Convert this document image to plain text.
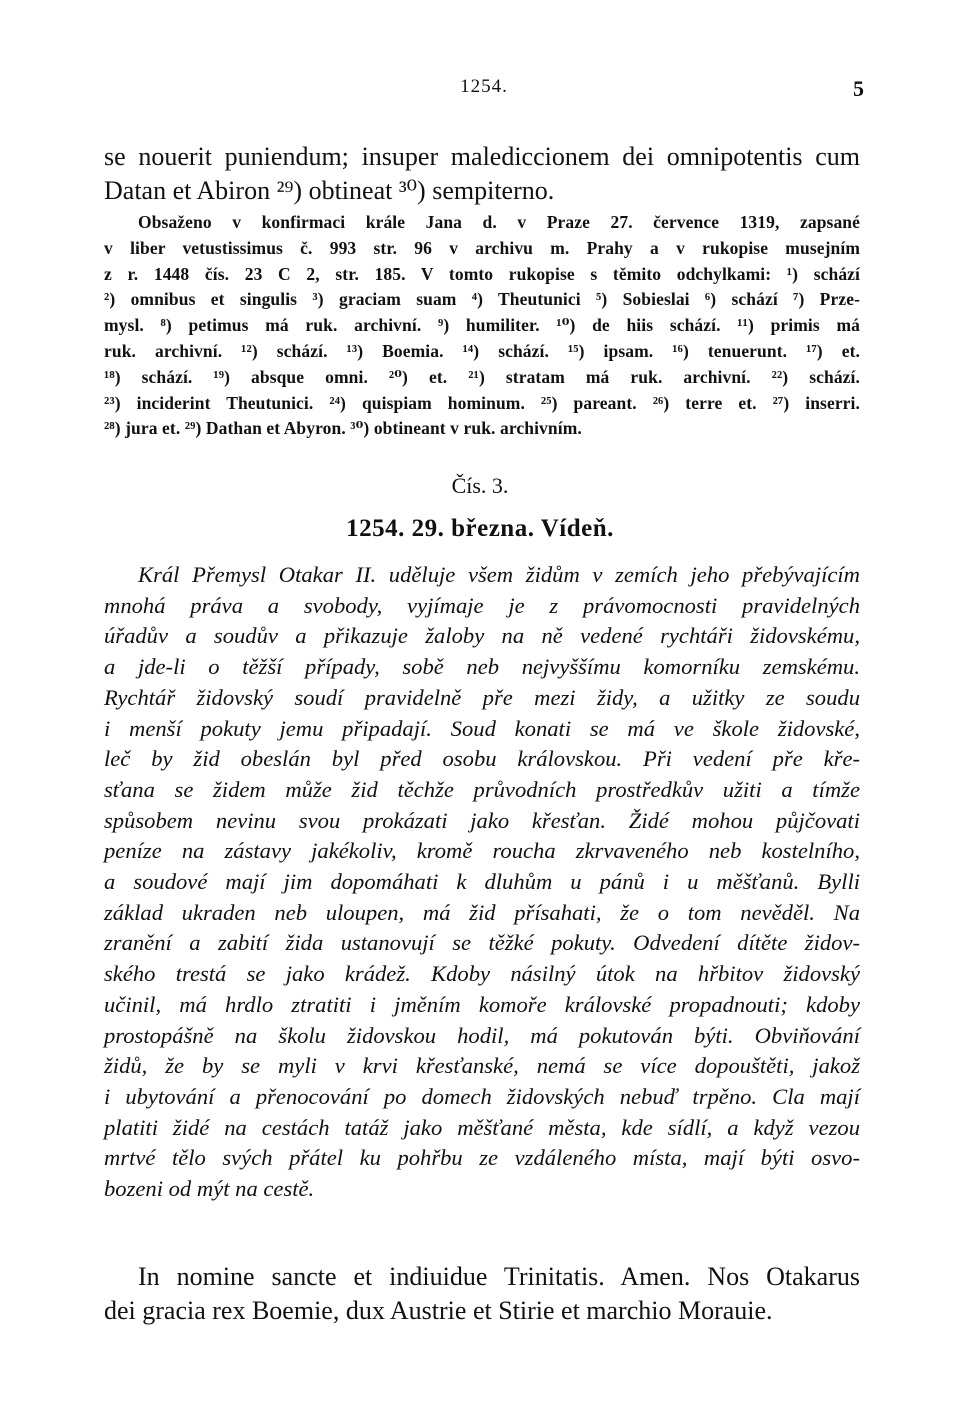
1254.	5
se nouerit puniendum; insuper malediccionem dei omnipotentis cum
Datan et Abiron ²⁹) obtineat ³⁰) sempiterno.
Obsaženo v konfirmaci krále Jana d. v Praze 27. července 1319, zapsané
v liber vetustissimus č. 993 str. 96 v archivu m. Prahy a v rukopise musejním
z r. 1448 čís. 23 C 2, str. 185. V tomto rukopise s těmito odchylkami: ¹) schází
²) omnibus et singulis ³) graciam suam ⁴) Theutunici ⁵) Sobieslai ⁶) schází ⁷) Prze-
mysl. ⁸) petimus má ruk. archivní. ⁹) humiliter. ¹⁰) de hiis schází. ¹¹) primis má
ruk. archivní. ¹²) schází. ¹³) Boemia. ¹⁴) schází. ¹⁵) ipsam. ¹⁶) tenuerunt. ¹⁷) et.
¹⁸) schází. ¹⁹) absque omni. ²⁰) et. ²¹) stratam má ruk. archivní. ²²) schází.
²³) inciderint Theutunici. ²⁴) quispiam hominum. ²⁵) pareant. ²⁶) terre et. ²⁷) inserri.
²⁸) jura et. ²⁹) Dathan et Abyron. ³⁰) obtineant v ruk. archivním.
Čís. 3.
1254. 29. března. Vídeň.
Král Přemysl Otakar II. uděluje všem židům v zemích jeho přebývajícím
mnohá práva a svobody, vyjímaje je z právomocnosti pravidelných
úřadův a soudův a přikazuje žaloby na ně vedené rychtáři židovskému,
a jde-li o těžší případy, sobě neb nejvyššímu komorníku zemskému.
Rychtář židovský soudí pravidelně pře mezi židy, a užitky ze soudu
i menší pokuty jemu připadají. Soud konati se má ve škole židovské,
leč by žid obeslán byl před osobu královskou. Při vedení pře kře-
sťana se židem může žid těchže průvodních prostředkův užiti a tímže
spůsobem nevinu svou prokázati jako křesťan. Židé mohou půjčovati
peníze na zástavy jakékoliv, kromě roucha zkrvaveného neb kostelního,
a soudové mají jim dopomáhati k dluhům u pánů i u měšťanů. Bylli
základ ukraden neb uloupen, má žid přísahati, že o tom nevěděl. Na
zranění a zabití žida ustanovují se těžké pokuty. Odvedení dítěte židov-
ského trestá se jako krádež. Kdoby násilný útok na hřbitov židovský
učinil, má hrdlo ztratiti i jměním komoře královské propadnouti; kdoby
prostopášně na školu židovskou hodil, má pokutován býti. Obviňování
židů, že by se myli v krvi křesťanské, nemá se více dopouštěti, jakož
i ubytování a přenocování po domech židovských nebuď trpěno. Cla mají
platiti židé na cestách tatáž jako měšťané města, kde sídlí, a když vezou
mrtvé tělo svých přátel ku pohřbu ze vzdáleného místa, mají býti osvo-
bozeni od mýt na cestě.
In nomine sancte et indiuidue Trinitatis. Amen. Nos Otakarus
dei gracia rex Boemie, dux Austrie et Stirie et marchio Morauie.
